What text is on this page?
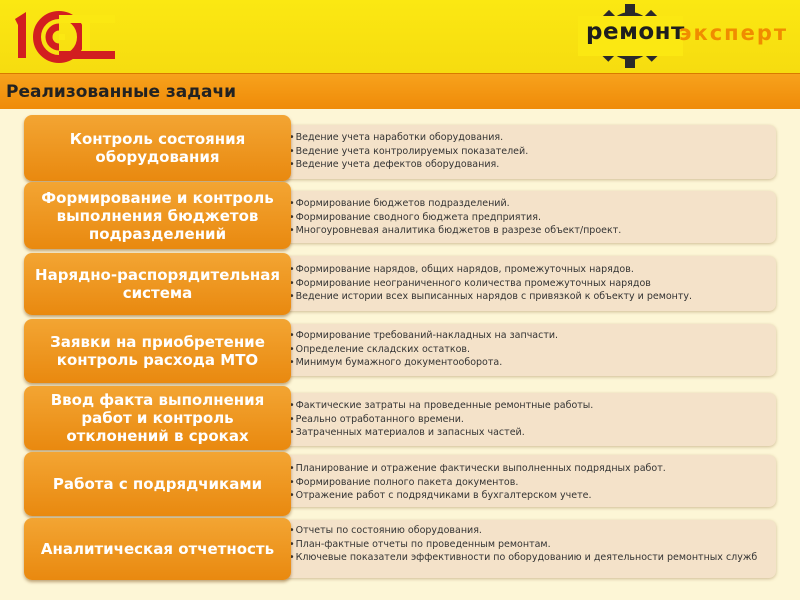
ремонт
эксперт
Реализованные задачи
• Ведение учета наработки оборудования.
• Ведение учета контролируемых показателей.
• Ведение учета дефектов оборудования.
Контроль состояния оборудования
• Формирование бюджетов подразделений.
• Формирование сводного бюджета предприятия.
• Многоуровневая аналитика бюджетов в разрезе объект/проект.
Формирование и контроль выполнения бюджетов подразделений
• Формирование нарядов, общих нарядов, промежуточных нарядов.
• Формирование неограниченного количества промежуточных нарядов
• Ведение истории всех выписанных нарядов с привязкой к объекту и ремонту.
Нарядно-распорядительная система
• Формирование требований-накладных на запчасти.
• Определение складских остатков.
• Минимум бумажного документооборота.
Заявки на приобретение контроль расхода МТО
• Фактические затраты на проведенные ремонтные работы.
• Реально отработанного времени.
• Затраченных материалов и запасных частей.
Ввод факта выполнения работ и контроль отклонений в сроках
• Планирование и отражение фактически выполненных подрядных работ.
• Формирование полного пакета документов.
• Отражение работ с подрядчиками в бухгалтерском учете.
Работа с подрядчиками
• Отчеты по состоянию оборудования.
• План-фактные отчеты по проведенным ремонтам.
• Ключевые показатели эффективности по оборудованию и деятельности ремонтных служб
Аналитическая отчетность
